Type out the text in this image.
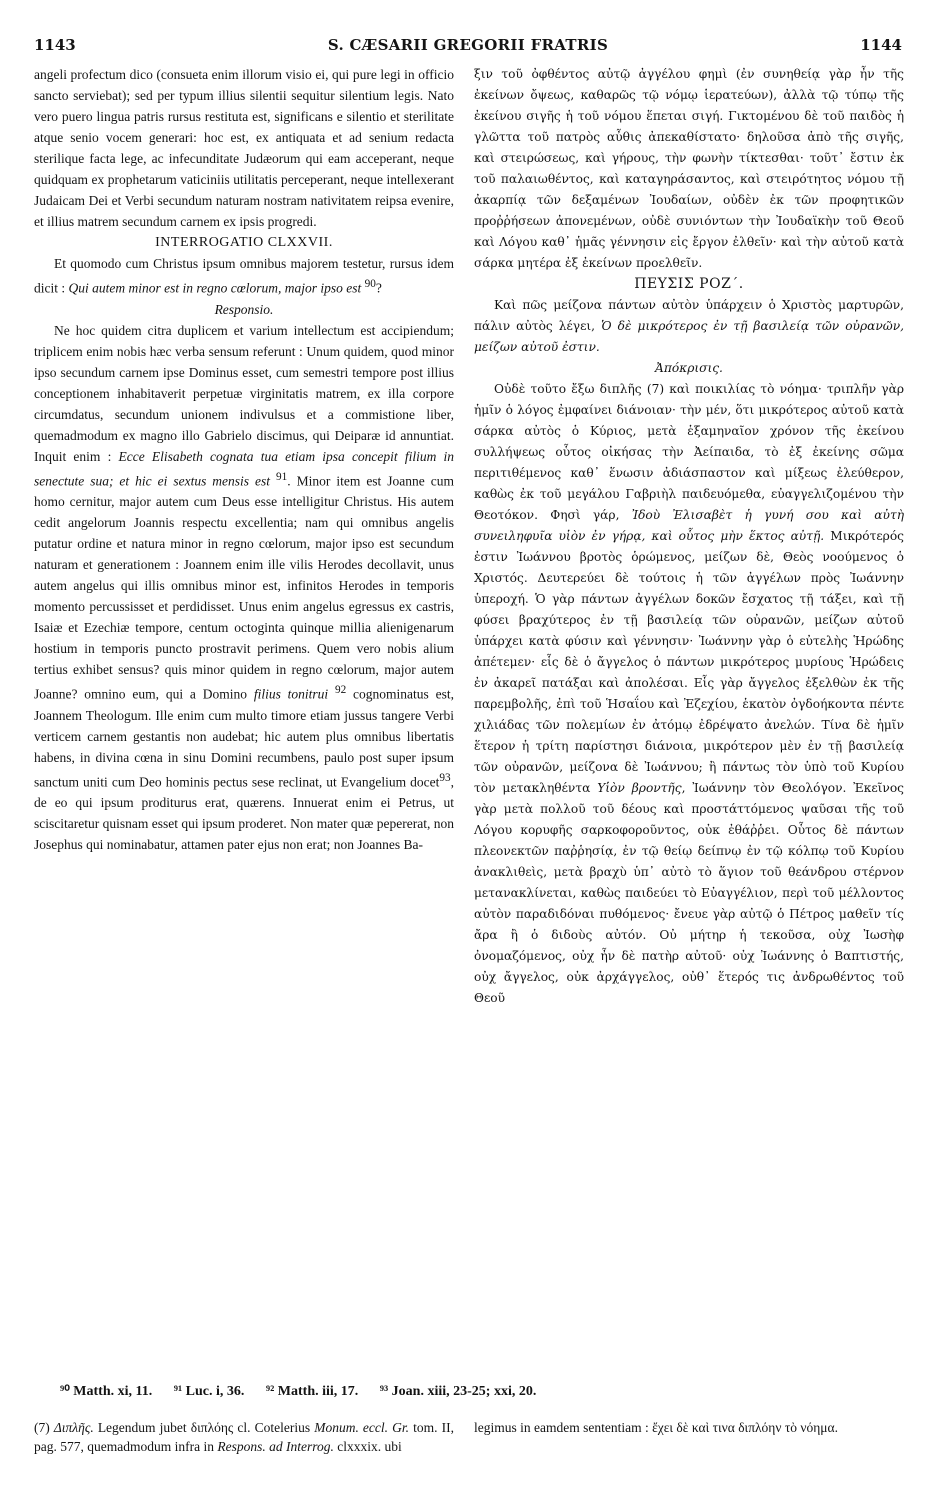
1143	S. CÆSARII GREGORII FRATRIS	1144

angeli profectum dico (consueta enim illorum visio ei, qui pure legi in officio sancto serviebat); sed per typum illius silentii sequitur silentium legis. Nato vero puero lingua patris rursus restituta est, significans e silentio et sterilitate atque senio vocem generari: hoc est, ex antiquata et ad senium redacta sterilique facta lege, ac infecunditate Judæorum qui eam acceperant, neque quidquam ex prophetarum vaticiniis utilitatis perceperant, neque intellexerant Judaicam Dei et Verbi secundum naturam nostram nativitatem reipsa evenire, et illius matrem secundum carnem ex ipsis progredi.

INTERROGATIO CLXXVII.

Et quomodo cum Christus ipsum omnibus majorem testetur, rursus idem dicit : Qui autem minor est in regno cœlorum, major ipso est $^{90}$?

Responsio.

Ne hoc quidem citra duplicem et varium intellectum est accipiendum; triplicem enim nobis hæc verba sensum referunt : Unum quidem, quod minor ipso secundum carnem ipse Dominus esset, cum semestri tempore post illius conceptionem inhabitaverit perpetuæ virginitatis matrem, ex illa corpore circumdatus, secundum unionem indivulsus et a commistione liber, quemadmodum ex magno illo Gabrielo discimus, qui Deiparæ id annuntiat. Inquit enim : Ecce Elisabeth cognata tua etiam ipsa concepit filium in senectute sua; et hic ei sextus mensis est $^{91}$. Minor item est Joanne cum homo cernitur, major autem cum Deus esse intelligitur Christus. His autem cedit angelorum Joannis respectu excellentia; nam qui omnibus angelis putatur ordine et natura minor in regno cœlorum, major ipso est secundum naturam et generationem : Joannem enim ille vilis Herodes decollavit, unus autem angelus qui illis omnibus minor est, infinitos Herodes in temporis momento percussisset et perdidisset. Unus enim angelus egressus ex castris, Isaiæ et Ezechiæ tempore, centum octoginta quinque millia alienigenarum hostium in temporis puncto prostravit perimens. Quem vero nobis alium tertius exhibet sensus? quis minor quidem in regno cœlorum, major autem Joanne? omnino eum, qui a Domino filius tonitrui $^{92}$ cognominatus est, Joannem Theologum. Ille enim cum multo timore etiam jussus tangere Verbi verticem carnem gestantis non audebat; hic autem plus omnibus libertatis habens, in divina cœna in sinu Domini recumbens, paulo post super ipsum sanctum uniti cum Deo hominis pectus sese reclinat, ut Evangelium docet$^{93}$, de eo qui ipsum proditurus erat, quærens. Innuerat enim ei Petrus, ut sciscitaretur quisnam esset qui ipsum proderet. Non mater quæ pepererat, non Josephus qui nominabatur, attamen pater ejus non erat; non Joannes Ba-

ξιν τοῦ ὀφθέντος αὐτῷ ἀγγέλου φημὶ (ἐν συνηθείᾳ γὰρ ἦν τῆς ἐκείνων ὄψεως, καθαρῶς τῷ νόμῳ ἱερατεύων), ἀλλὰ τῷ τύπῳ τῆς ἐκείνου σιγῆς ἡ τοῦ νόμου ἕπεται σιγή. Γικτομένου δὲ τοῦ παιδὸς ἡ γλῶττα τοῦ πατρὸς αὖθις ἀπεκαθίστατο· δηλοῦσα ἀπὸ τῆς σιγῆς, καὶ στειρώσεως, καὶ γήρους, τὴν φωνὴν τίκτεσθαι· τοῦτ᾽ ἔστιν ἐκ τοῦ παλαιωθέντος, καὶ καταγηράσαντος, καὶ στειρότητος νόμου τῇ ἀκαρπίᾳ τῶν δεξαμένων Ἰουδαίων, οὐδὲν ἐκ τῶν προφητικῶν προῤῥήσεων ἀπονεμένων, οὐδὲ συνιόντων τὴν Ἰουδαϊκὴν τοῦ Θεοῦ καὶ Λόγου καθ᾽ ἡμᾶς γέννησιν εἰς ἔργον ἐλθεῖν· καὶ τὴν αὐτοῦ κατὰ σάρκα μητέρα ἐξ ἐκείνων προελθεῖν.

ΠΕΥΣΙΣ ΡΟΖ΄.

Καὶ πῶς μείζονα πάντων αὐτὸν ὑπάρχειν ὁ Χριστὸς μαρτυρῶν, πάλιν αὐτὸς λέγει, Ὁ δὲ μικρότερος ἐν τῇ βασιλείᾳ τῶν οὐρανῶν, μείζων αὐτοῦ ἐστιν.

Ἀπόκρισις.

Οὐδὲ τοῦτο ἔξω διπλῆς (7) καὶ ποικιλίας τὸ νόημα· τριπλῆν γὰρ ἡμῖν ὁ λόγος ἐμφαίνει διάνοιαν· τὴν μέν, ὅτι μικρότερος αὐτοῦ κατὰ σάρκα αὐτὸς ὁ Κύριος, μετὰ ἑξαμηναῖον χρόνον τῆς ἐκείνου συλλήψεως οὗτος οἰκήσας τὴν Ἀείπαιδα, τὸ ἐξ ἐκείνης σῶμα περιτιθέμενος καθ᾽ ἕνωσιν ἀδιάσπαστον καὶ μίξεως ἐλεύθερον, καθὼς ἐκ τοῦ μεγάλου Γαβριὴλ παιδευόμεθα, εὐαγγελιζομένου τὴν Θεοτόκον. Φησὶ γάρ, Ἰδοὺ Ἐλισαβὲτ ἡ γυνή σου καὶ αὐτὴ συνειληφυῖα υἱὸν ἐν γήρᾳ, καὶ οὗτος μὴν ἕκτος αὐτῇ. Μικρότερός ἐστιν Ἰωάννου βροτὸς ὁρώμενος, μείζων δὲ, Θεὸς νοούμενος ὁ Χριστός. Δευτερεύει δὲ τούτοις ἡ τῶν ἀγγέλων πρὸς Ἰωάννην ὑπεροχή. Ὁ γὰρ πάντων ἀγγέλων δοκῶν ἔσχατος τῇ τάξει, καὶ τῇ φύσει βραχύτερος ἐν τῇ βασιλείᾳ τῶν οὐρανῶν, μείζων αὐτοῦ ὑπάρχει κατὰ φύσιν καὶ γέννησιν· Ἰωάννην γὰρ ὁ εὐτελὴς Ἡρώδης ἀπέτεμεν· εἷς δὲ ὁ ἄγγελος ὁ πάντων μικρότερος μυρίους Ἡρώδεις ἐν ἀκαρεῖ πατάξαι καὶ ἀπολέσαι. Εἷς γὰρ ἄγγελος ἐξελθὼν ἐκ τῆς παρεμβολῆς, ἐπὶ τοῦ Ἡσαΐου καὶ Ἐζεχίου, ἑκατὸν ὀγδοήκοντα πέντε χιλιάδας τῶν πολεμίων ἐν ἀτόμῳ ἐδρέψατο ἀνελών. Τίνα δὲ ἡμῖν ἕτερον ἡ τρίτη παρίστησι διάνοια, μικρότερον μὲν ἐν τῇ βασιλείᾳ τῶν οὐρανῶν, μείζονα δὲ Ἰωάννου; ἢ πάντως τὸν ὑπὸ τοῦ Κυρίου τὸν μετακληθέντα Υἱὸν βροντῆς, Ἰωάννην τὸν Θεολόγον. Ἐκεῖνος γὰρ μετὰ πολλοῦ τοῦ δέους καὶ προστάττόμενος ψαῦσαι τῆς τοῦ Λόγου κορυφῆς σαρκοφοροῦντος, οὐκ ἐθάῤῥει. Οὗτος δὲ πάντων πλεονεκτῶν παῤῥησίᾳ, ἐν τῷ θείῳ δείπνῳ ἐν τῷ κόλπῳ τοῦ Κυρίου ἀνακλιθεὶς, μετὰ βραχὺ ὑπ᾽ αὐτὸ τὸ ἅγιον τοῦ θεάνδρου στέρνον μετανακλίνεται, καθὼς παιδεύει τὸ Εὐαγγέλιον, περὶ τοῦ μέλλοντος αὐτὸν παραδιδόναι πυθόμενος· ἔνευε γὰρ αὐτῷ ὁ Πέτρος μαθεῖν τίς ἄρα ἢ ὁ διδοὺς αὐτόν. Οὐ μήτηρ ἡ τεκοῦσα, οὐχ Ἰωσὴφ ὀνομαζόμενος, οὐχ ἦν δὲ πατὴρ αὐτοῦ· οὐχ Ἰωάννης ὁ Βαπτιστής, οὐχ ἄγγελος, οὐκ ἀρχάγγελος, οὐθ᾽ ἕτερός τις ἀνδρωθέντος τοῦ Θεοῦ

⁹⁰ Matth. xi, 11. ⁹¹ Luc. i, 36. ⁹² Matth. iii, 17. ⁹³ Joan. xiii, 23-25; xxi, 20.
(7) Διπλῆς. Legendum jubet διπλόης cl. Cotelerius Monum. eccl. Gr. tom. II, pag. 577, quemadmodum infra in Respons. ad Interrog. clxxxix. ubi
legimus in eamdem sententiam : ἔχει δὲ καὶ τινα διπλόην τὸ νόημα.
